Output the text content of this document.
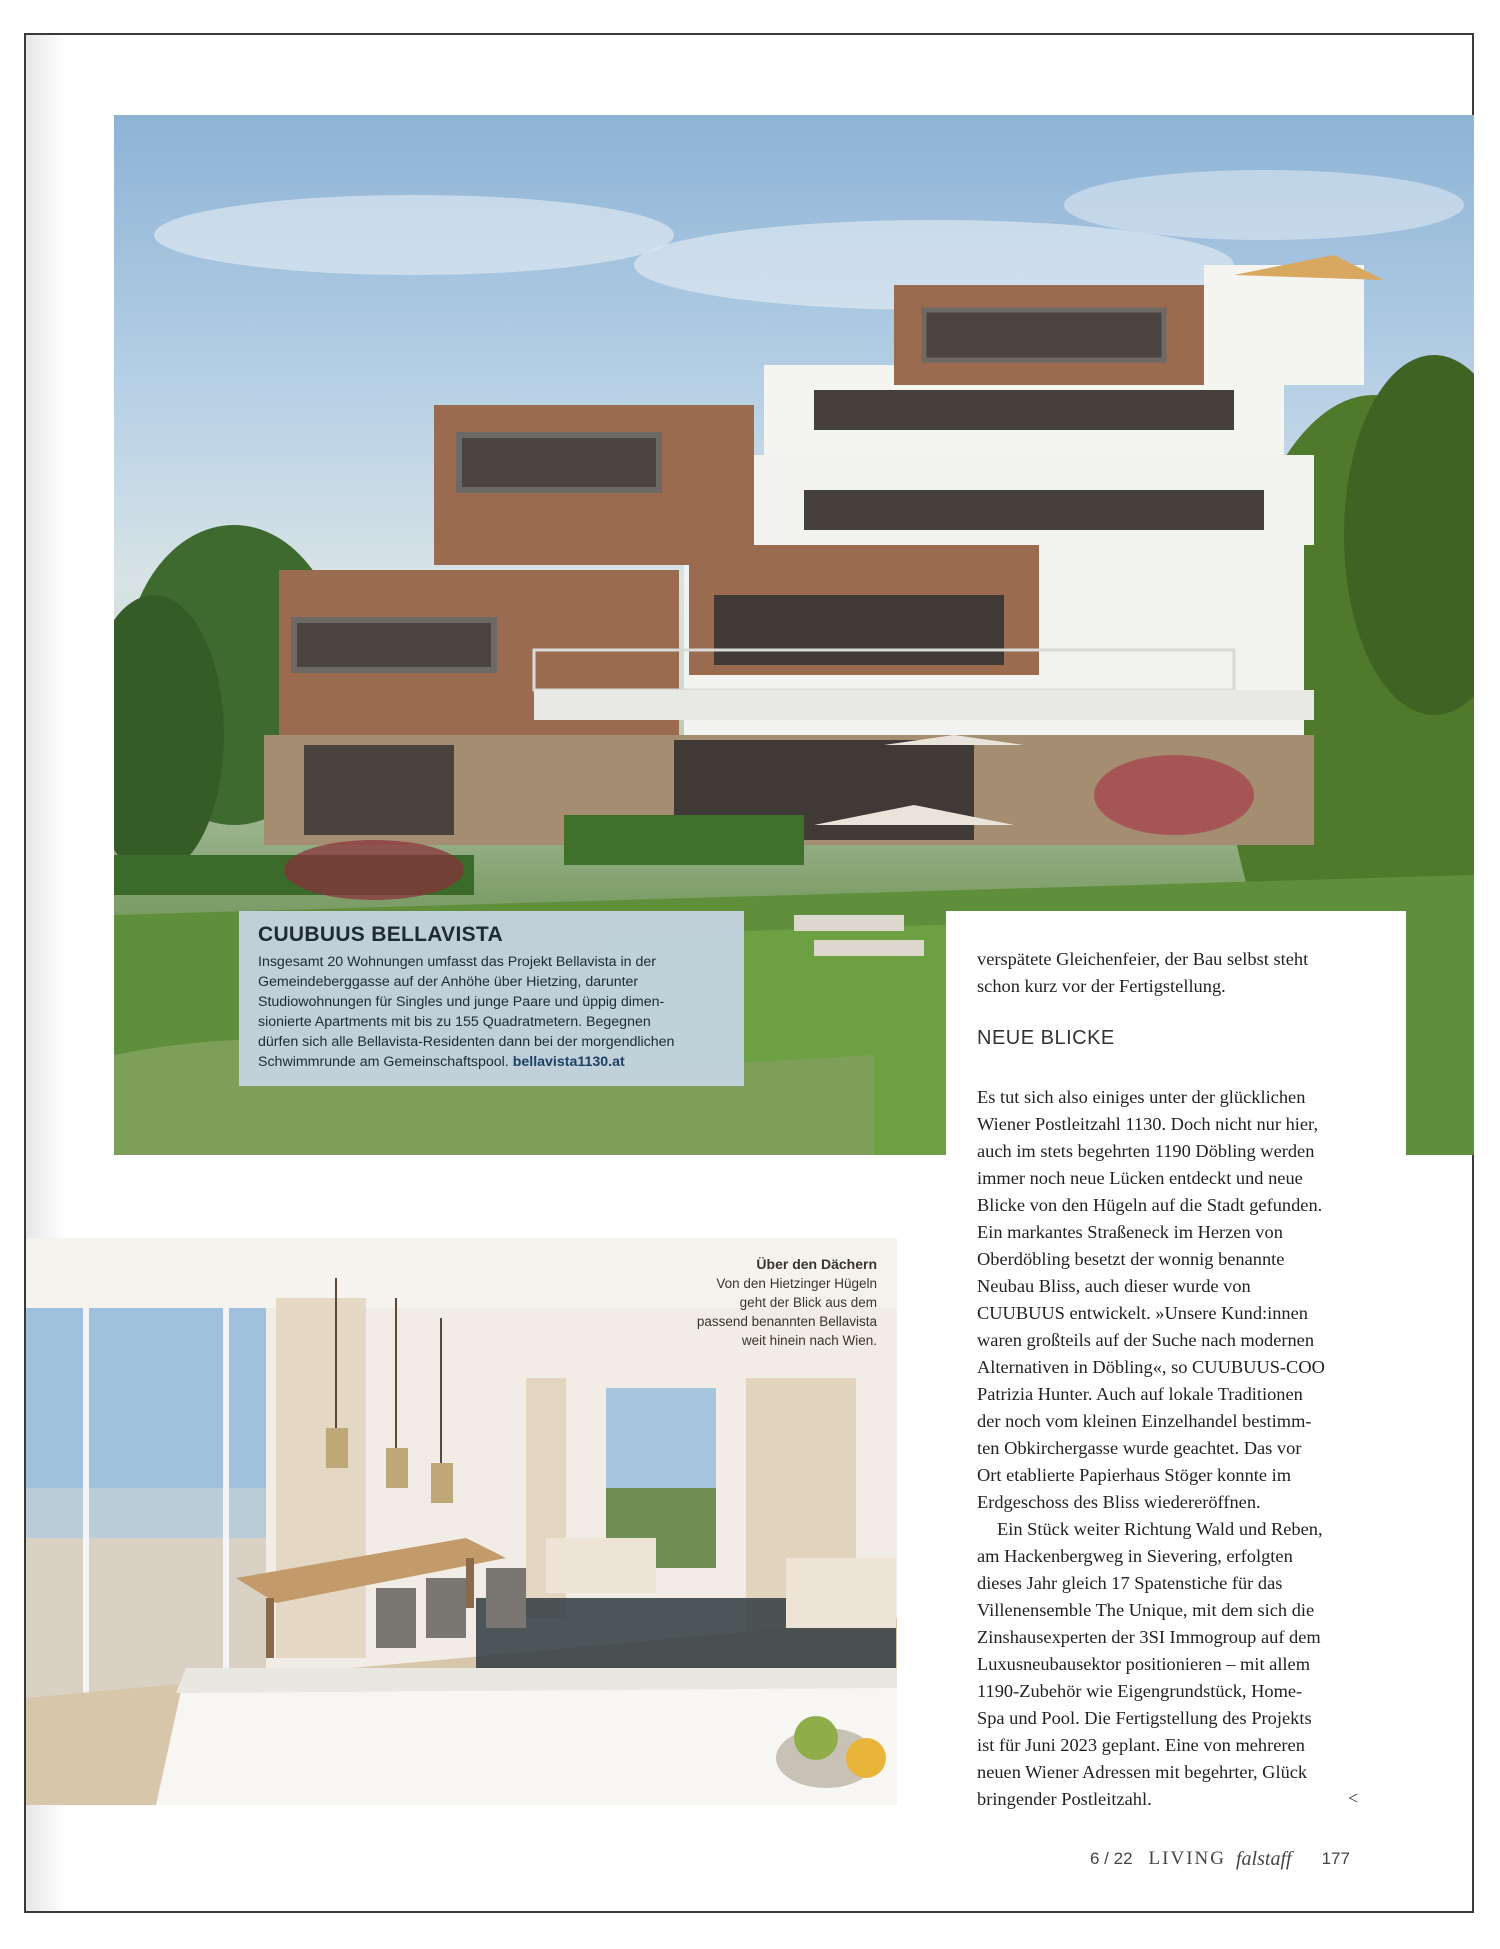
CUUBUUS BELLAVISTA
Insgesamt 20 Wohnungen umfasst das Projekt Bellavista in der
Gemeindeberggasse auf der Anhöhe über Hietzing, darunter
Studiowohnungen für Singles und junge Paare und üppig dimen-
sionierte Apartments mit bis zu 155 Quadratmetern. Begegnen
dürfen sich alle Bellavista-Residenten dann bei der morgendlichen
Schwimmrunde am Gemeinschaftspool. bellavista1130.at
verspätete Gleichenfeier, der Bau selbst steht
schon kurz vor der Fertigstellung.
NEUE BLICKE

Es tut sich also einiges unter der glücklichen
Wiener Postleitzahl 1130. Doch nicht nur hier,
auch im stets begehrten 1190 Döbling werden
immer noch neue Lücken entdeckt und neue
Blicke von den Hügeln auf die Stadt gefunden.
Ein markantes Straßeneck im Herzen von
Oberdöbling besetzt der wonnig benannte
Neubau Bliss, auch dieser wurde von
CUUBUUS entwickelt. »Unsere Kund:innen
waren großteils auf der Suche nach modernen
Alternativen in Döbling«, so CUUBUUS-COO
Patrizia Hunter. Auch auf lokale Traditionen
der noch vom kleinen Einzelhandel bestimm-
ten Obkirchergasse wurde geachtet. Das vor
Ort etablierte Papierhaus Stöger konnte im
Erdgeschoss des Bliss wiedereröffnen.

Ein Stück weiter Richtung Wald und Reben,
am Hackenbergweg in Sievering, erfolgten
dieses Jahr gleich 17 Spatenstiche für das
Villenensemble The Unique, mit dem sich die
Zinshausexperten der 3SI Immogroup auf dem
Luxusneubausektor positionieren – mit allem
1190-Zubehör wie Eigengrundstück, Home-
Spa und Pool. Die Fertigstellung des Projekts
ist für Juni 2023 geplant. Eine von mehreren
neuen Wiener Adressen mit begehrter, Glück
bringender Postleitzahl.	<
Über den Dächern
Von den Hietzinger Hügeln
geht der Blick aus dem
passend benannten Bellavista
weit hinein nach Wien.
6 / 22 LIVING falstaff 177
